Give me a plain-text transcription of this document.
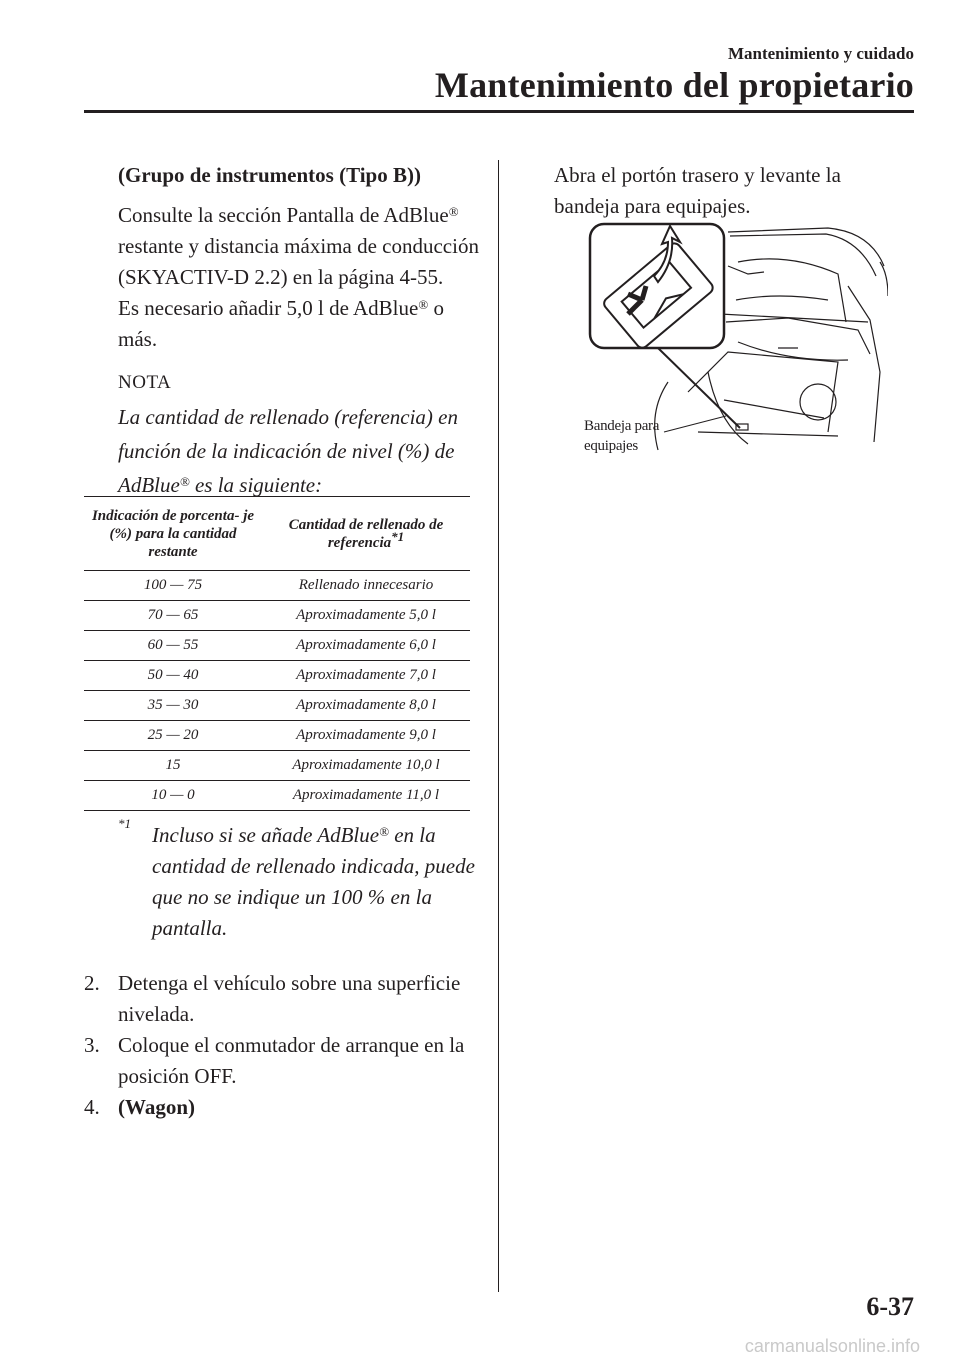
Mantenimiento y cuidado
Mantenimiento del propietario

(Grupo de instrumentos (Tipo B))

Consulte la sección Pantalla de AdBlue® restante y distancia máxima de conducción (SKYACTIV-D 2.2) en la página 4-55.

Es necesario añadir 5,0 l de AdBlue® o más.

NOTA

La cantidad de rellenado (referencia) en función de la indicación de nivel (%) de AdBlue® es la siguiente:

Indicación de porcenta- je (%) para la cantidad restante	Cantidad de rellenado de referencia$^{*1}$
100 — 75	Rellenado innecesario
70 — 65	Aproximadamente 5,0 l
60 — 55	Aproximadamente 6,0 l
50 — 40	Aproximadamente 7,0 l
35 — 30	Aproximadamente 8,0 l
25 — 20	Aproximadamente 9,0 l
15	Aproximadamente 10,0 l
10 — 0	Aproximadamente 11,0 l
*1 Incluso si se añade AdBlue® en la cantidad de rellenado indicada, puede que no se indique un 100 % en la pantalla.
2. Detenga el vehículo sobre una superficie nivelada.
3. Coloque el conmutador de arranque en la posición OFF.
4. (Wagon)
Abra el portón trasero y levante la bandeja para equipajes.
Bandeja para
equipajes
6-37
carmanualsonline.info
